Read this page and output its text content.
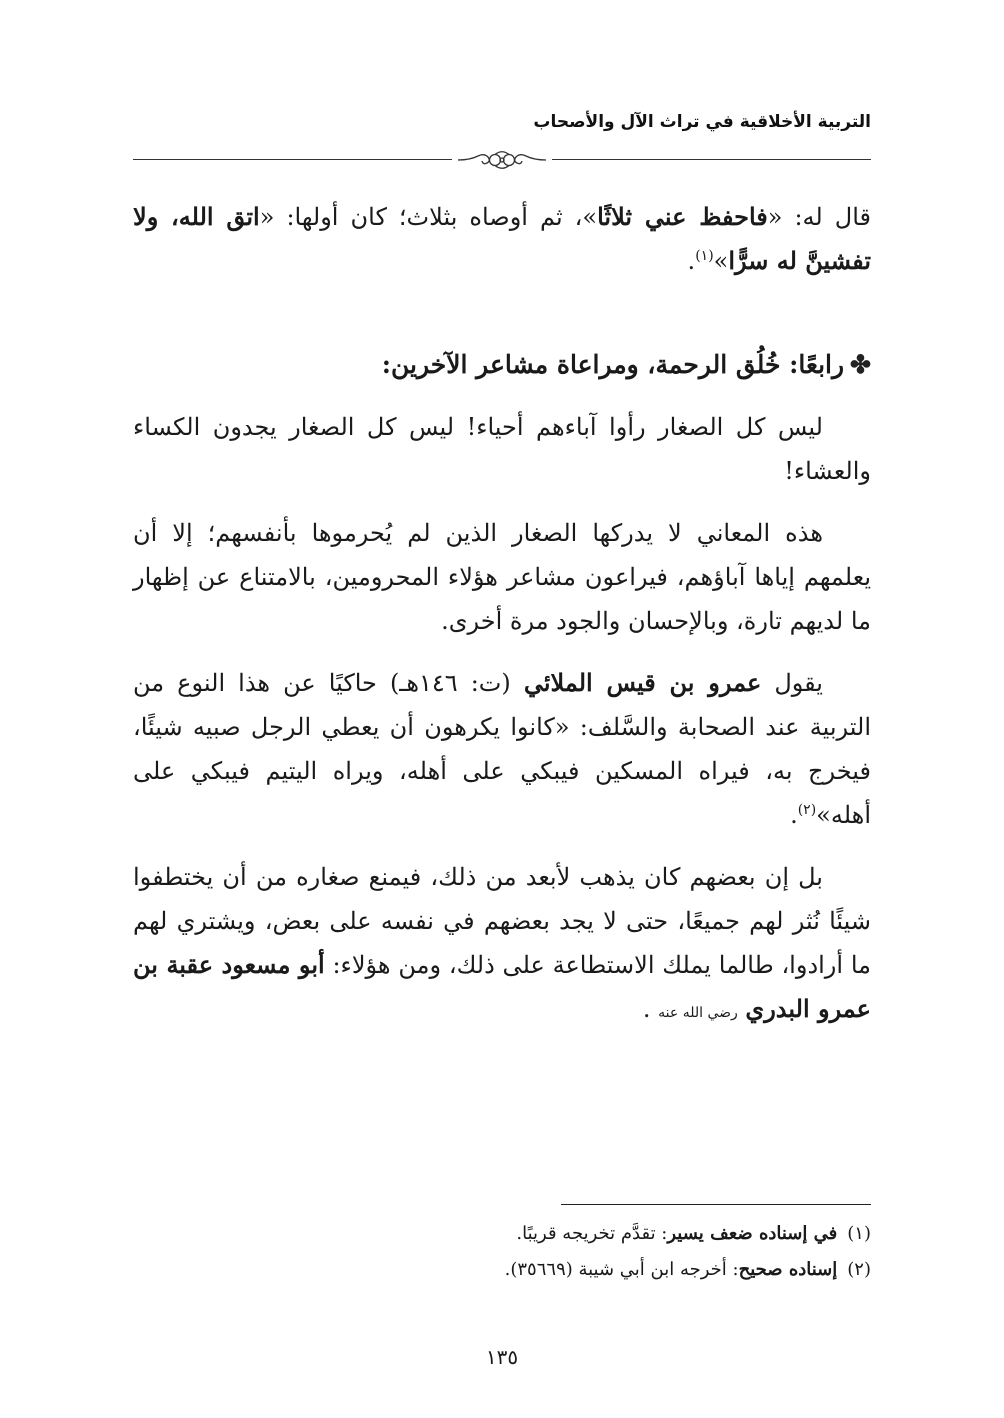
التربية الأخلاقية في تراث الآل والأصحاب

قال له: «فاحفظ عني ثلاثًا»، ثم أوصاه بثلاث؛ كان أولها: «اتق الله، ولا تفشينَّ له سرًّا»$^{(١)}$.

✤رابعًا: خُلُق الرحمة، ومراعاة مشاعر الآخرين:

ليس كل الصغار رأوا آباءهم أحياء! ليس كل الصغار يجدون الكساء والعشاء!

هذه المعاني لا يدركها الصغار الذين لم يُحرموها بأنفسهم؛ إلا أن يعلمهم إياها آباؤهم، فيراعون مشاعر هؤلاء المحرومين، بالامتناع عن إظهار ما لديهم تارة، وبالإحسان والجود مرة أخرى.

يقول عمرو بن قيس الملائي (ت: ١٤٦هـ) حاكيًا عن هذا النوع من التربية عند الصحابة والسَّلف: «كانوا يكرهون أن يعطي الرجل صبيه شيئًا، فيخرج به، فيراه المسكين فيبكي على أهله، ويراه اليتيم فيبكي على أهله»$^{(٢)}$.

بل إن بعضهم كان يذهب لأبعد من ذلك، فيمنع صغاره من أن يختطفوا شيئًا نُثر لهم جميعًا، حتى لا يجد بعضهم في نفسه على بعض، ويشتري لهم ما أرادوا، طالما يملك الاستطاعة على ذلك، ومن هؤلاء: أبو مسعود عقبة بن عمرو البدري رضي الله عنه .

(١)في إسناده ضعف يسير: تقدَّم تخريجه قريبًا.

(٢)إسناده صحيح: أخرجه ابن أبي شيبة (٣٥٦٦٩).

١٣٥
